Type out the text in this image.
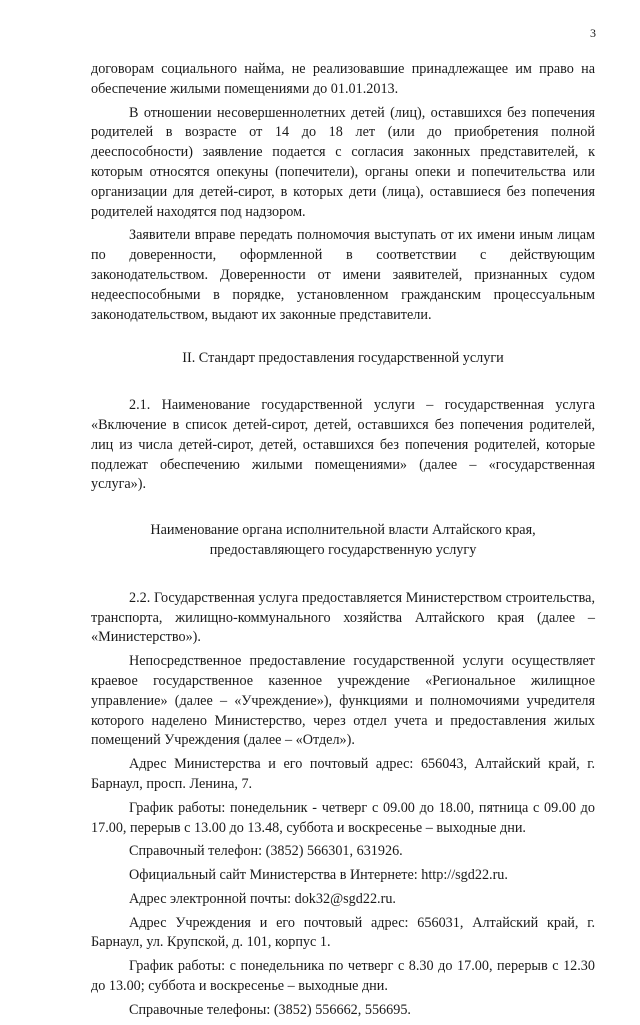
3

договорам социального найма, не реализовавшие принадлежащее им право на обеспечение жилыми помещениями до 01.01.2013.

В отношении несовершеннолетних детей (лиц), оставшихся без попечения родителей в возрасте от 14 до 18 лет (или до приобретения полной дееспособности) заявление подается с согласия законных представителей, к которым относятся опекуны (попечители), органы опеки и попечительства или организации для детей-сирот, в которых дети (лица), оставшиеся без попечения родителей находятся под надзором.

Заявители вправе передать полномочия выступать от их имени иным лицам по доверенности, оформленной в соответствии с действующим законодательством. Доверенности от имени заявителей, признанных судом недееспособными в порядке, установленном гражданским процессуальным законодательством, выдают их законные представители.

II. Стандарт предоставления государственной услуги

2.1. Наименование государственной услуги – государственная услуга «Включение в список детей-сирот, детей, оставшихся без попечения родителей, лиц из числа детей-сирот, детей, оставшихся без попечения родителей, которые подлежат обеспечению жилыми помещениями» (далее – «государственная услуга»).

Наименование органа исполнительной власти Алтайского края,
предоставляющего государственную услугу

2.2. Государственная услуга предоставляется Министерством строительства, транспорта, жилищно-коммунального хозяйства Алтайского края (далее – «Министерство»).

Непосредственное предоставление государственной услуги осуществляет краевое государственное казенное учреждение «Региональное жилищное управление» (далее – «Учреждение»), функциями и полномочиями учредителя которого наделено Министерство, через отдел учета и предоставления жилых помещений Учреждения (далее – «Отдел»).

Адрес Министерства и его почтовый адрес: 656043, Алтайский край, г. Барнаул, просп. Ленина, 7.

График работы: понедельник - четверг с 09.00 до 18.00, пятница с 09.00 до 17.00, перерыв с 13.00 до 13.48, суббота и воскресенье – выходные дни.

Справочный телефон: (3852) 566301, 631926.

Официальный сайт Министерства в Интернете: http://sgd22.ru.

Адрес электронной почты: dok32@sgd22.ru.

Адрес Учреждения и его почтовый адрес: 656031, Алтайский край, г. Барнаул, ул. Крупской, д. 101, корпус 1.

График работы: с понедельника по четверг с 8.30 до 17.00, перерыв с 12.30 до 13.00; суббота и воскресенье – выходные дни.

Справочные телефоны: (3852) 556662, 556695.
